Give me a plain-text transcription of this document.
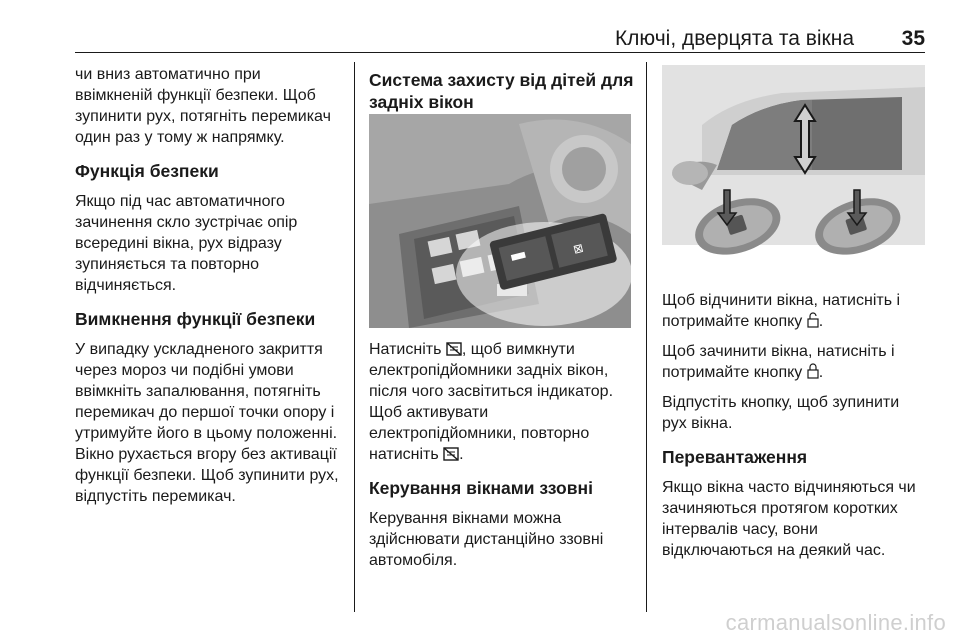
Ключі, дверцята та вікна 35

чи вниз автоматично при
ввімкненій функції безпеки. Щоб
зупинити рух, потягніть перемикач
один раз у тому ж напрямку.

Функція безпеки

Якщо під час автоматичного
зачинення скло зустрічає опір
всередині вікна, рух відразу
зупиняється та повторно
відчиняється.

Вимкнення функції безпеки

У випадку ускладненого закриття
через мороз чи подібні умови
ввімкніть запалювання, потягніть
перемикач до першої точки опору і
утримуйте його в цьому положенні.
Вікно рухається вгору без активації
функції безпеки. Щоб зупинити рух,
відпустіть перемикач.

Система захисту від дітей для
задніх вікон
⊠

Натисніть , щоб вимкнути
електропідйомники задніх вікон,
після чого засвітиться індикатор.
Щоб активувати
електропідйомники, повторно
натисніть .

Керування вікнами ззовні

Керування вікнами можна
здійснювати дистанційно ззовні
автомобіля.

Щоб відчинити вікна, натисніть і
потримайте кнопку .

Щоб зачинити вікна, натисніть і
потримайте кнопку .

Відпустіть кнопку, щоб зупинити
рух вікна.

Перевантаження

Якщо вікна часто відчиняються чи
зачиняються протягом коротких
інтервалів часу, вони
відключаються на деякий час.

carmanualsonline.info
